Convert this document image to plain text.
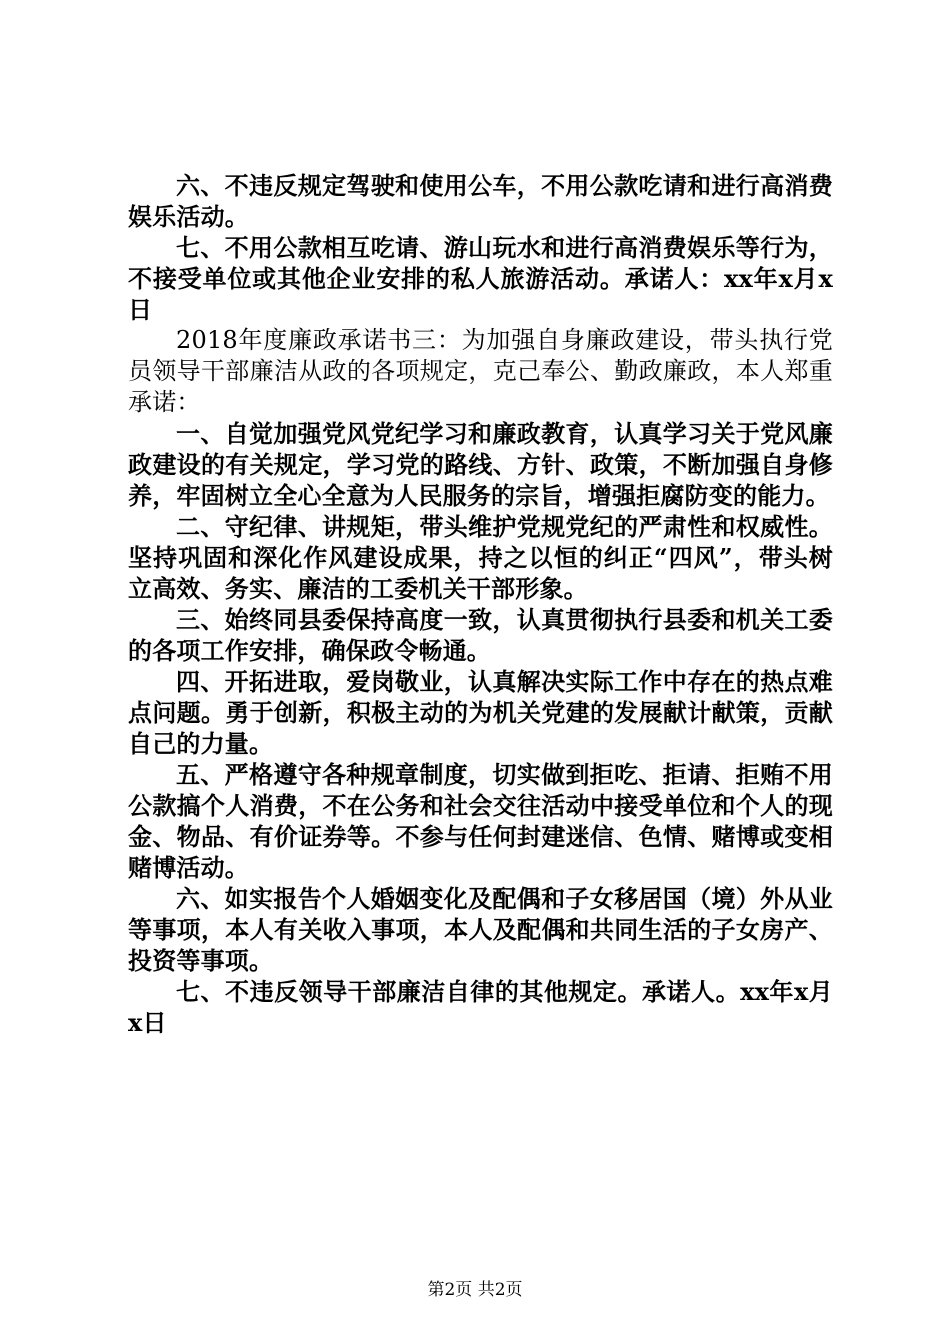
六、不违反规定驾驶和使用公车，不用公款吃请和进行高消费娱乐活动。

七、不用公款相互吃请、游山玩水和进行高消费娱乐等行为，不接受单位或其他企业安排的私人旅游活动。承诺人：xx年x月x日

2018年度廉政承诺书三：为加强自身廉政建设，带头执行党员领导干部廉洁从政的各项规定，克己奉公、勤政廉政，本人郑重承诺：

一、自觉加强党风党纪学习和廉政教育，认真学习关于党风廉政建设的有关规定，学习党的路线、方针、政策，不断加强自身修养，牢固树立全心全意为人民服务的宗旨，增强拒腐防变的能力。

二、守纪律、讲规矩，带头维护党规党纪的严肃性和权威性。坚持巩固和深化作风建设成果，持之以恒的纠正“四风”，带头树立高效、务实、廉洁的工委机关干部形象。

三、始终同县委保持高度一致，认真贯彻执行县委和机关工委的各项工作安排，确保政令畅通。

四、开拓进取，爱岗敬业，认真解决实际工作中存在的热点难点问题。勇于创新，积极主动的为机关党建的发展献计献策，贡献自己的力量。

五、严格遵守各种规章制度，切实做到拒吃、拒请、拒贿不用公款搞个人消费，不在公务和社会交往活动中接受单位和个人的现金、物品、有价证券等。不参与任何封建迷信、色情、赌博或变相赌博活动。

六、如实报告个人婚姻变化及配偶和子女移居国（境）外从业等事项，本人有关收入事项，本人及配偶和共同生活的子女房产、投资等事项。

七、不违反领导干部廉洁自律的其他规定。承诺人。xx年x月x日

第2页 共2页
